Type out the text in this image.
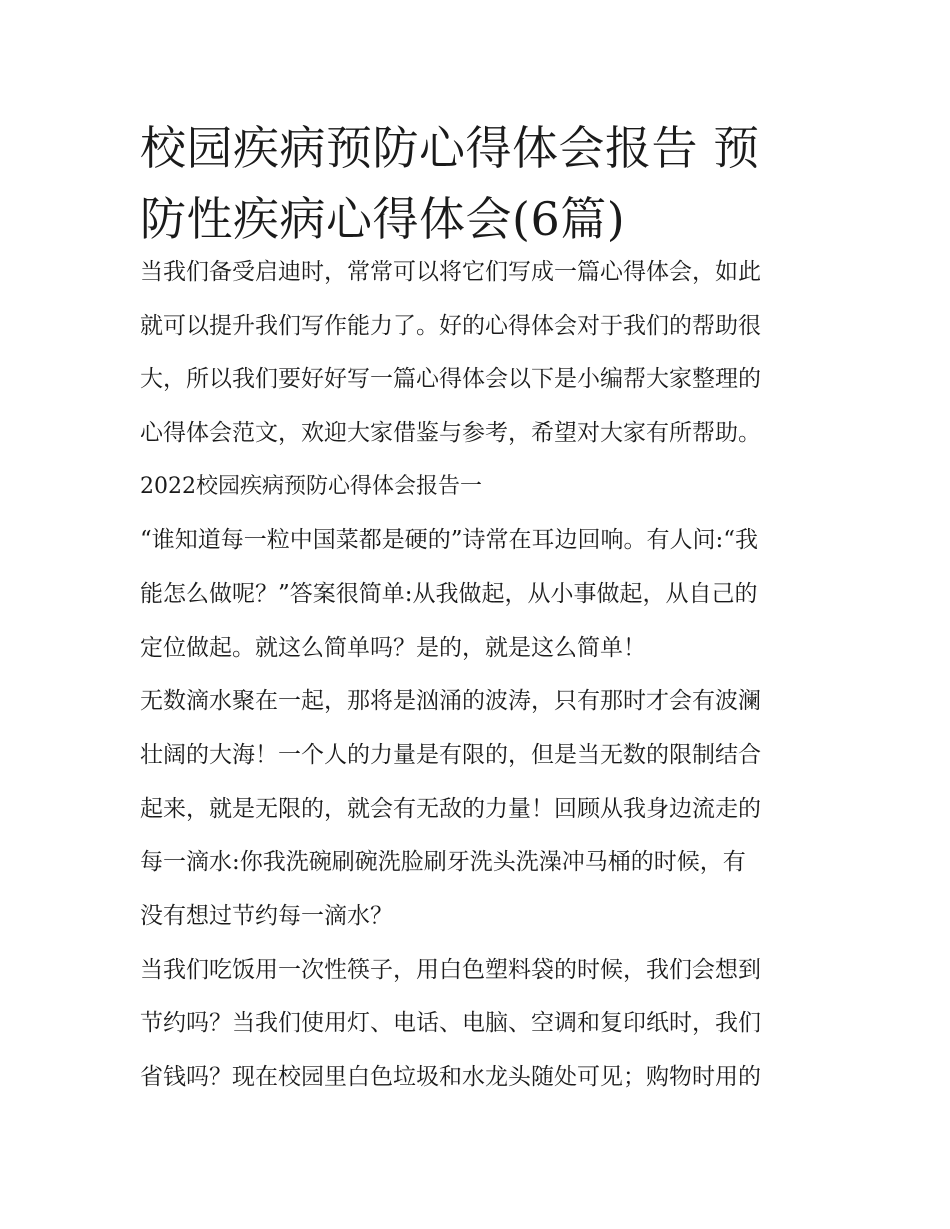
校园疾病预防心得体会报告 预
防性疾病心得体会(6篇)

当我们备受启迪时，常常可以将它们写成一篇心得体会，如此

就可以提升我们写作能力了。好的心得体会对于我们的帮助很

大，所以我们要好好写一篇心得体会以下是小编帮大家整理的

心得体会范文，欢迎大家借鉴与参考，希望对大家有所帮助。

2022校园疾病预防心得体会报告一

“谁知道每一粒中国菜都是硬的”诗常在耳边回响。有人问:“我

能怎么做呢？”答案很简单:从我做起，从小事做起，从自己的

定位做起。就这么简单吗？是的，就是这么简单！

无数滴水聚在一起，那将是汹涌的波涛，只有那时才会有波澜

壮阔的大海！一个人的力量是有限的，但是当无数的限制结合

起来，就是无限的，就会有无敌的力量！回顾从我身边流走的

每一滴水:你我洗碗刷碗洗脸刷牙洗头洗澡冲马桶的时候，有

没有想过节约每一滴水？

当我们吃饭用一次性筷子，用白色塑料袋的时候，我们会想到

节约吗？当我们使用灯、电话、电脑、空调和复印纸时，我们

省钱吗？现在校园里白色垃圾和水龙头随处可见；购物时用的
